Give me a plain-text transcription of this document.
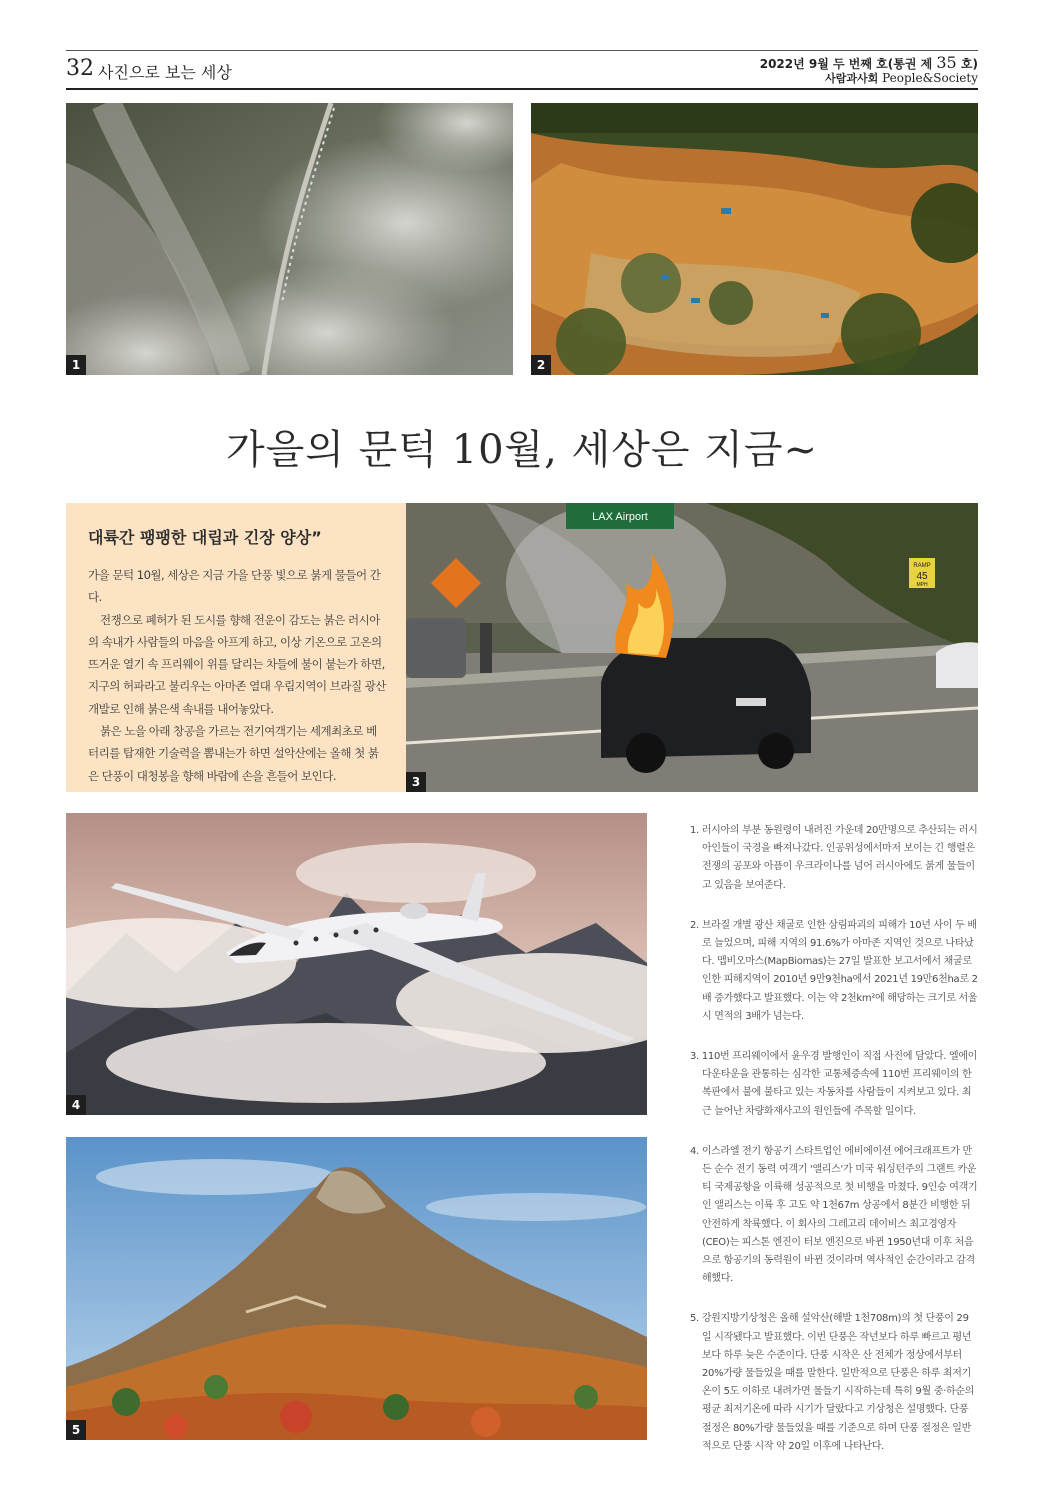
32 사진으로 보는 세상	2022년 9월 두 번째 호(통권 제 35 호)
사람과사회 People&Society
1	2
가을의 문턱 10월, 세상은 지금~
대륙간 팽팽한 대립과 긴장 양상”

가을 문턱 10월, 세상은 지금 가을 단풍 빛으로 붉게 물들어 간다.

전쟁으로 폐허가 된 도시를 향해 전운이 감도는 붉은 러시아의 속내가 사람들의 마음을 아프게 하고, 이상 기온으로 고온의 뜨거운 열기 속 프리웨이 위를 달리는 차들에 불이 붙는가 하면, 지구의 허파라고 불리우는 아마존 열대 우림지역이 브라질 광산 개발로 인해 붉은색 속내를 내어놓았다.

붉은 노을 아래 창공을 가르는 전기여객기는 세계최초로 베터리를 탑재한 기술력을 뽐내는가 하면 설악산에는 올해 첫 붉은 단풍이 대청봉을 향해 바람에 손을 흔들어 보인다.

LAX Airport
RAMP
45
MPH
3
4
5

1. 러시아의 부분 동원령이 내려진 가운데 20만명으로 추산되는 러시아인들이 국경을 빠져나갔다. 인공위성에서마저 보이는 긴 행렬은 전쟁의 공포와 아픔이 우크라이나를 넘어 러시아에도 붉게 물들이고 있음을 보여준다.

2. 브라질 개별 광산 채굴로 인한 삼림파괴의 피해가 10년 사이 두 배로 늘었으며, 피해 지역의 91.6%가 아마존 지역인 것으로 나타났다. 맵비오마스(MapBiomas)는 27일 발표한 보고서에서 채굴로 인한 피해지역이 2010년 9만9천ha에서 2021년 19만6천ha로 2배 증가했다고 발표했다. 이는 약 2천km²에 해당하는 크기로 서울시 면적의 3배가 넘는다.

3. 110번 프리웨이에서 윤우경 발행인이 직접 사진에 담았다. 엘에이 다운타운을 관통하는 심각한 교통체증속에 110번 프리웨이의 한복판에서 불에 불타고 있는 자동차를 사람들이 지켜보고 있다. 최근 늘어난 차량화재사고의 원인들에 주목할 일이다.

4. 이스라엘 전기 항공기 스타트업인 에비에이션 에어크래프트가 만든 순수 전기 동력 여객기 '앨리스'가 미국 워싱턴주의 그랜트 카운티 국제공항을 이륙해 성공적으로 첫 비행을 마쳤다. 9인승 여객기인 앨리스는 이륙 후 고도 약 1천67m 상공에서 8분간 비행한 뒤 안전하게 착륙했다. 이 회사의 그레고리 데이비스 최고경영자(CEO)는 피스톤 엔진이 터보 엔진으로 바뀐 1950년대 이후 처음으로 항공기의 동력원이 바뀐 것이라며 역사적인 순간이라고 감격해했다.

5. 강원지방기상청은 올해 설악산(해발 1천708m)의 첫 단풍이 29일 시작됐다고 발표했다. 이번 단풍은 작년보다 하루 빠르고 평년보다 하루 늦은 수준이다. 단풍 시작은 산 전체가 정상에서부터 20%가량 물들었을 때를 말한다. 일반적으로 단풍은 하루 최저기온이 5도 이하로 내려가면 물들기 시작하는데 특히 9월 중·하순의 평균 최저기온에 따라 시기가 달랐다고 기상청은 설명했다. 단풍 절정은 80%가량 물들었을 때를 기준으로 하며 단풍 절정은 일반적으로 단풍 시작 약 20일 이후에 나타난다.
